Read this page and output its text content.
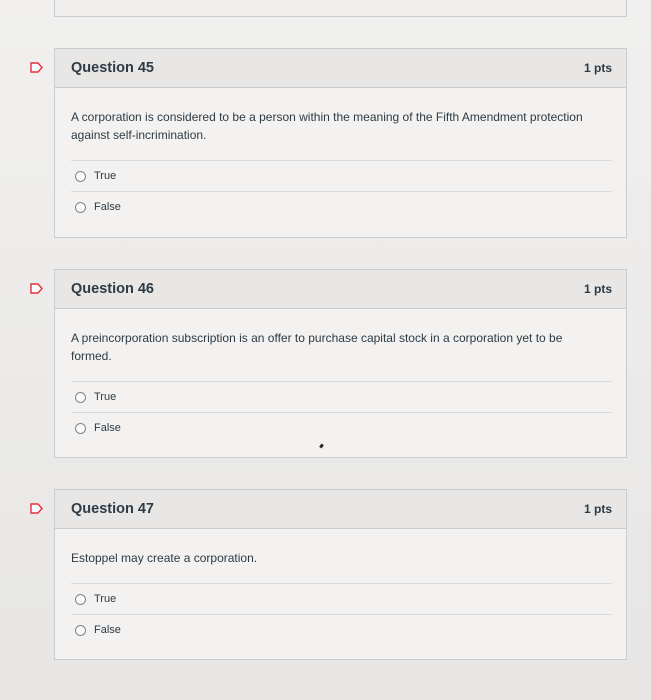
Question 45	1 pts

A corporation is considered to be a person within the meaning of the Fifth Amendment protection against self-incrimination.

True
False
Question 46	1 pts

A preincorporation subscription is an offer to purchase capital stock in a corporation yet to be formed.

True
False
Question 47	1 pts

Estoppel may create a corporation.

True
False
